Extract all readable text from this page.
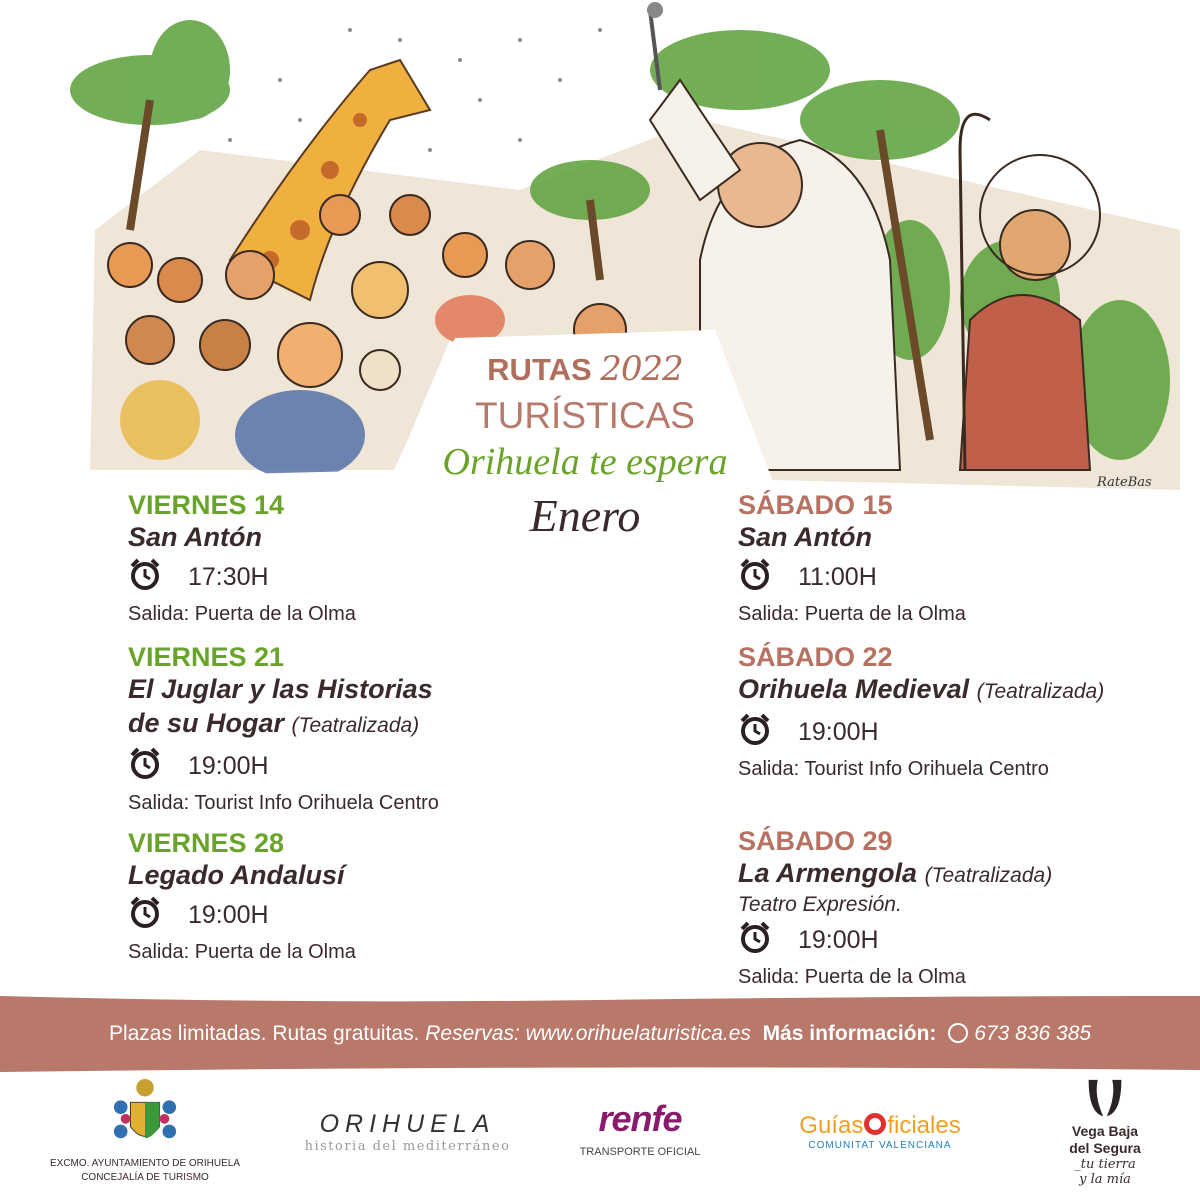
RateBas
RUTAS 2022
TURÍSTICAS
Orihuela te espera
Enero
VIERNES 14
San Antón
17:30H
Salida: Puerta de la Olma
VIERNES 21
El Juglar y las Historias
de su Hogar (Teatralizada)
19:00H
Salida: Tourist Info Orihuela Centro
VIERNES 28
Legado Andalusí
19:00H
Salida: Puerta de la Olma
SÁBADO 15
San Antón
11:00H
Salida: Puerta de la Olma
SÁBADO 22
Orihuela Medieval (Teatralizada)
19:00H
Salida: Tourist Info Orihuela Centro
SÁBADO 29
La Armengola (Teatralizada)
Teatro Expresión.
19:00H
Salida: Puerta de la Olma
Plazas limitadas. Rutas gratuitas. Reservas: www.orihuelaturistica.es Más información: 673 836 385
EXCMO. AYUNTAMIENTO DE ORIHUELA
CONCEJALÍA DE TURISMO
ORIHUELA
historia del mediterráneo
renfe
TRANSPORTE OFICIAL
Guías ficiales
COMUNITAT VALENCIANA
Vega Baja
del Segura
_tu tierra
y la mía
